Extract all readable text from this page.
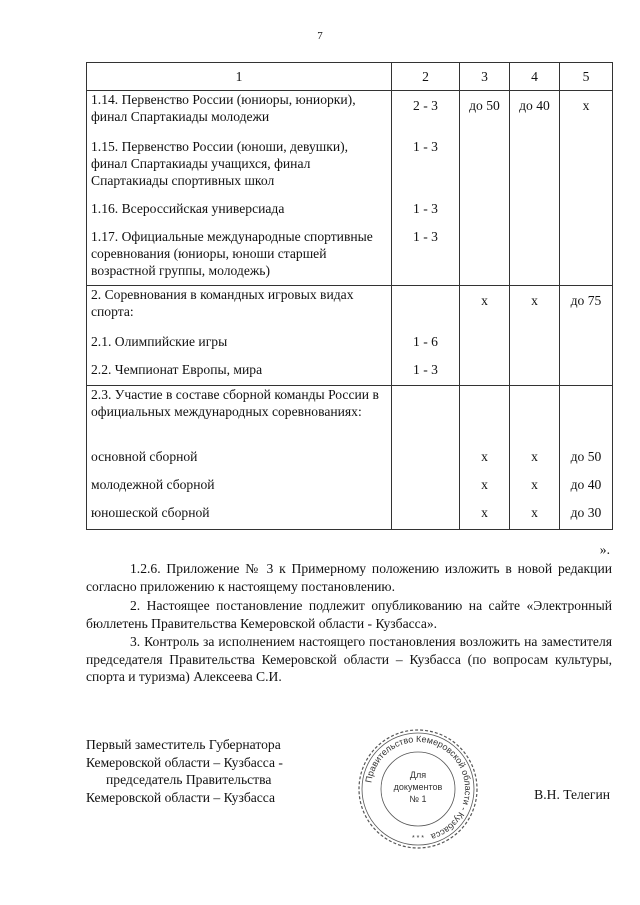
7
1	2	3	4	5
1.14. Первенство России (юниоры, юниорки), финал Спартакиады молодежи	2 - 3	до 50	до 40	х
1.15. Первенство России (юноши, девушки), финал Спартакиады учащихся, финал Спартакиады спортивных школ	1 - 3			
1.16. Всероссийская универсиада	1 - 3			
1.17. Официальные международные спортивные соревнования (юниоры, юноши старшей возрастной группы, молодежь)	1 - 3			
2. Соревнования в командных игровых видах спорта:		х	х	до 75
2.1. Олимпийские игры	1 - 6			
2.2. Чемпионат Европы, мира	1 - 3			
2.3. Участие в составе сборной команды России в официальных международных соревнованиях:				
основной сборной		х	х	до 50
молодежной сборной		х	х	до 40
юношеской сборной		х	х	до 30
».
1.2.6. Приложение № 3 к Примерному положению изложить в новой редакции согласно приложению к настоящему постановлению.
2. Настоящее постановление подлежит опубликованию на сайте «Электронный бюллетень Правительства Кемеровской области - Кузбасса».
3. Контроль за исполнением настоящего постановления возложить на заместителя председателя Правительства Кемеровской области – Кузбасса (по вопросам культуры, спорта и туризма) Алексеева С.И.
Первый заместитель Губернатора
Кемеровской области – Кузбасса -
председатель Правительства
Кемеровской области – Кузбасса	В.Н. Телегин
Правительство Кемеровской области - Кузбасса
Для
документов
№ 1
* * *
